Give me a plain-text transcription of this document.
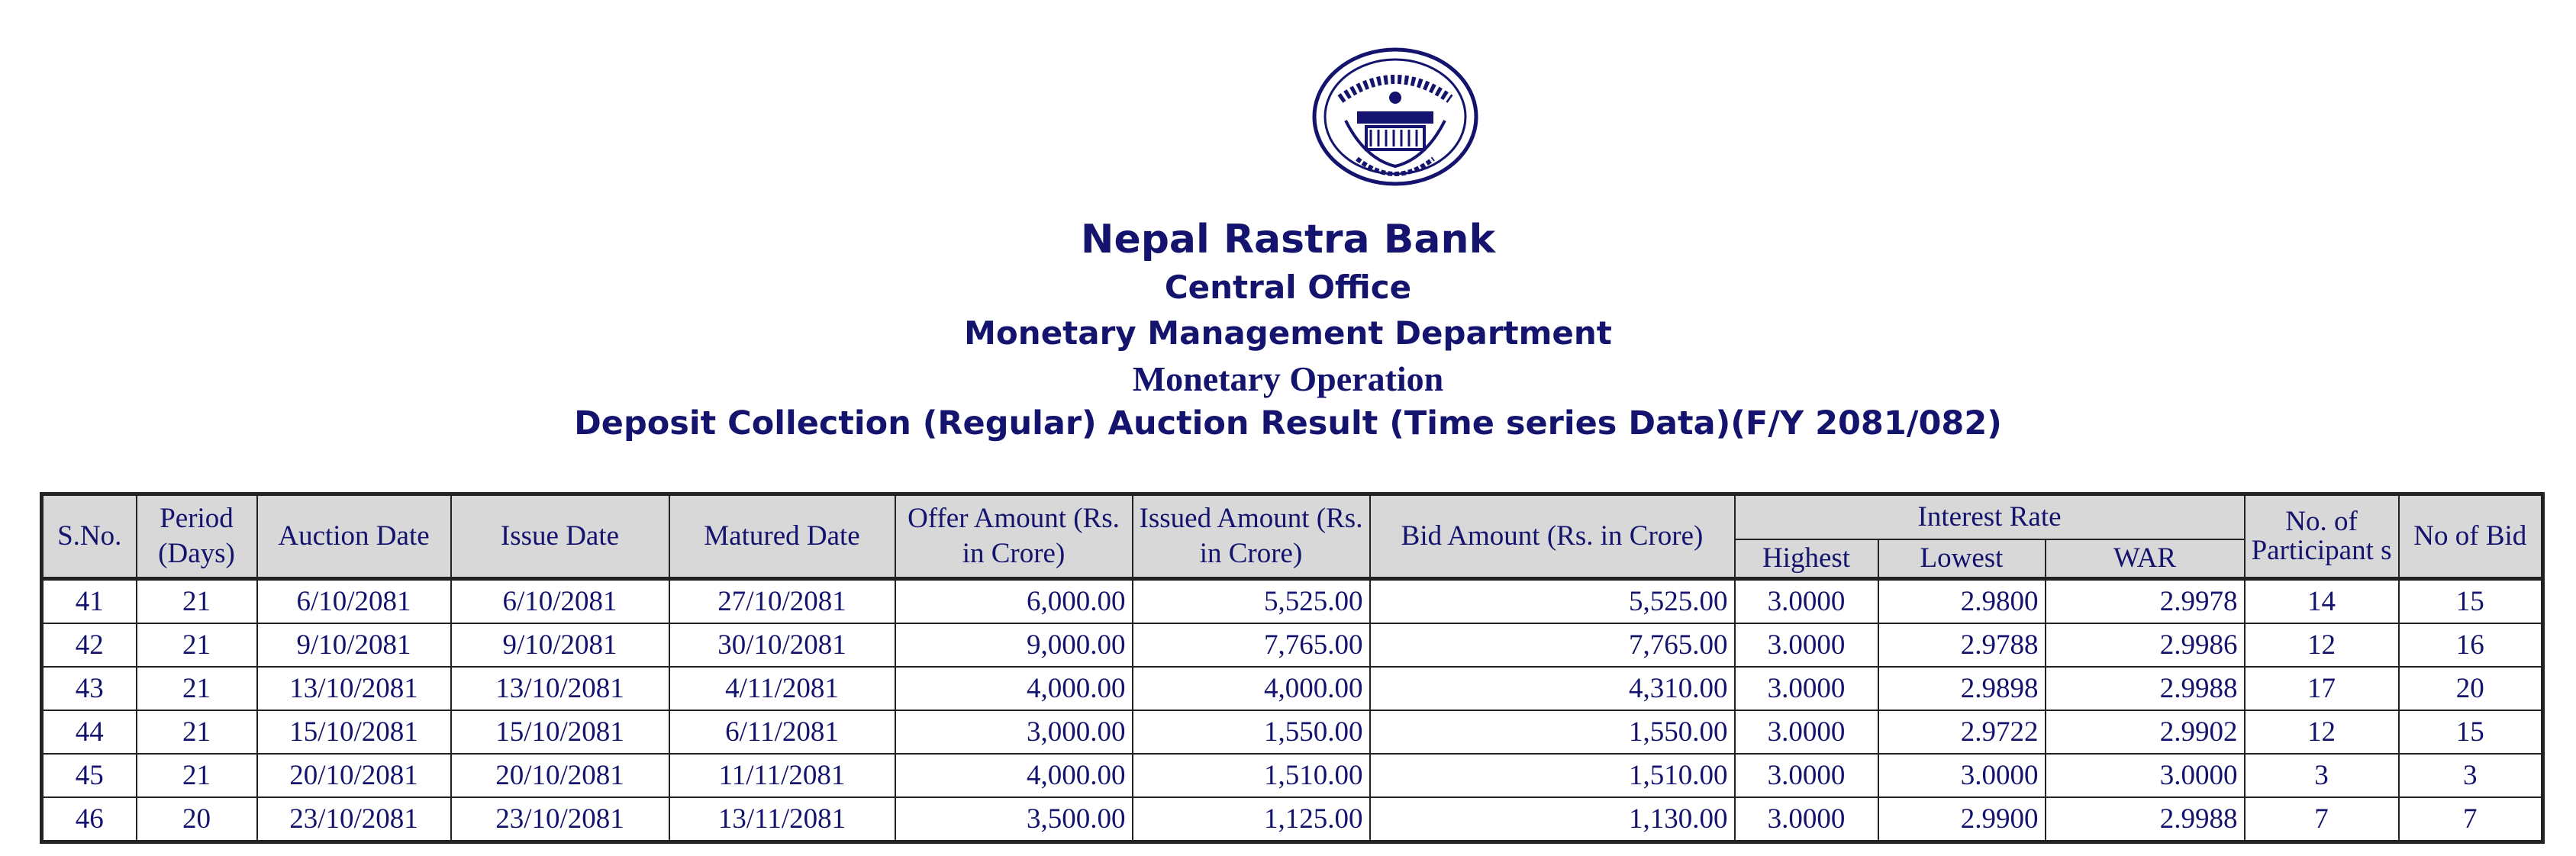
Nepal Rastra Bank
Central Office
Monetary Management Department
Monetary Operation
Deposit Collection (Regular) Auction Result (Time series Data)(F/Y 2081/082)
S.No.	Period (Days)	Auction Date	Issue Date	Matured Date	Offer Amount (Rs. in Crore)	Issued Amount (Rs. in Crore)	Bid Amount (Rs. in Crore)	Interest Rate			No. of Participant s	No of Bid
								Highest	Lowest	WAR		
41	21	6/10/2081	6/10/2081	27/10/2081	6,000.00	5,525.00	5,525.00	3.0000	2.9800	2.9978	14	15
42	21	9/10/2081	9/10/2081	30/10/2081	9,000.00	7,765.00	7,765.00	3.0000	2.9788	2.9986	12	16
43	21	13/10/2081	13/10/2081	4/11/2081	4,000.00	4,000.00	4,310.00	3.0000	2.9898	2.9988	17	20
44	21	15/10/2081	15/10/2081	6/11/2081	3,000.00	1,550.00	1,550.00	3.0000	2.9722	2.9902	12	15
45	21	20/10/2081	20/10/2081	11/11/2081	4,000.00	1,510.00	1,510.00	3.0000	3.0000	3.0000	3	3
46	20	23/10/2081	23/10/2081	13/11/2081	3,500.00	1,125.00	1,130.00	3.0000	2.9900	2.9988	7	7
